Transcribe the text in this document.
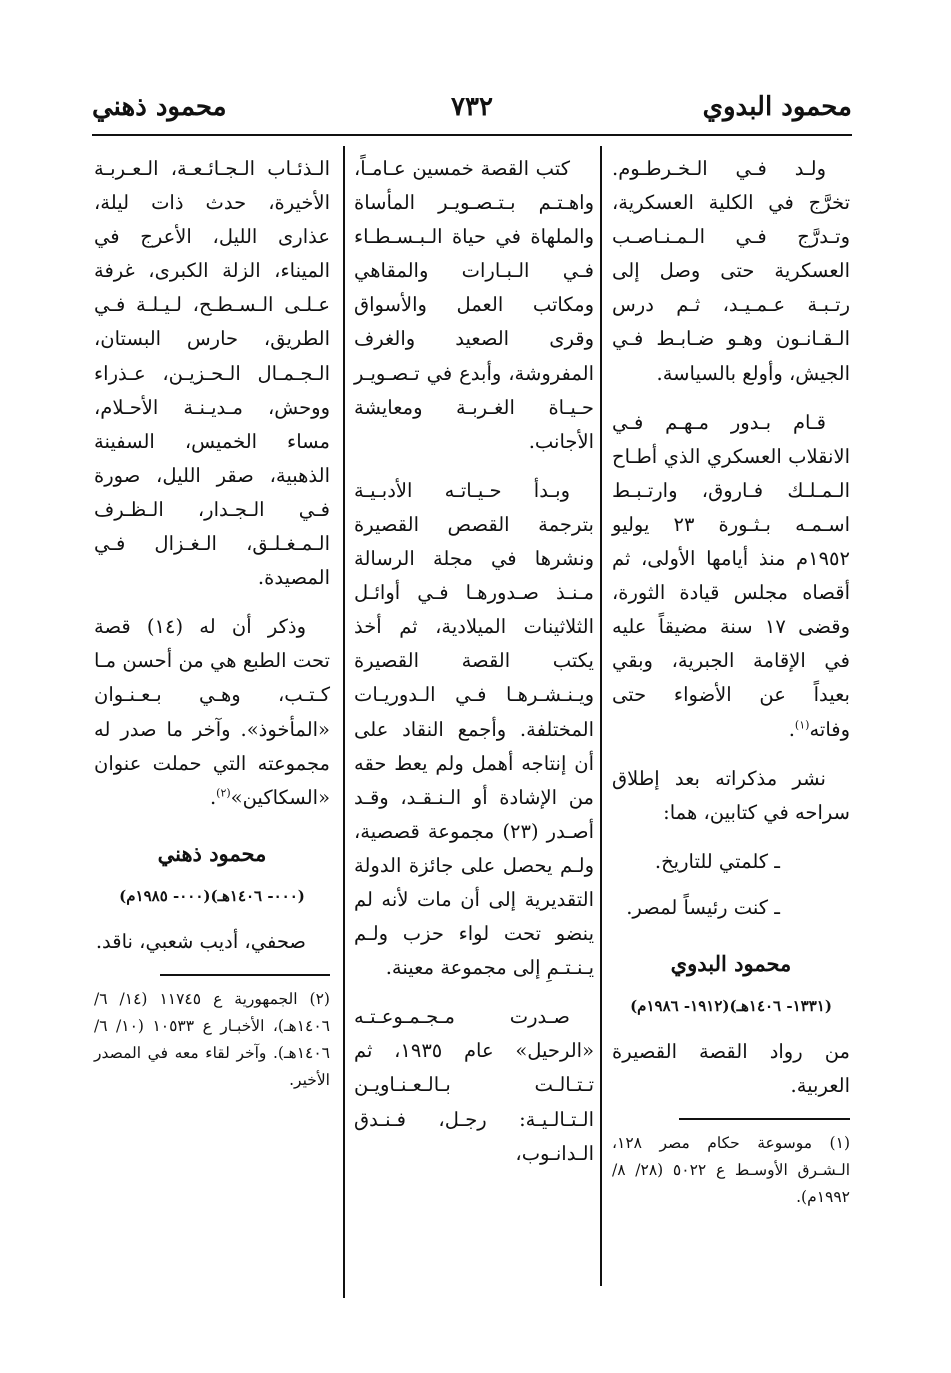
محمود البدوي
٧٣٢
محمود ذهني

ولـد فـي الـخـرطـوم. تخرَّج في الكلية العسكرية، وتـدرَّج فـي الـمـنـاصـب العسكرية حتى وصل إلى رتـبـة عـمـيـد، ثـم درس الـقـانـون وهـو ضـابـط فـي الجيش، وأولع بالسياسة.

قـام بـدور مـهـم فـي الانقلاب العسكري الذي أطـاح الـمـلـك فـاروق، وارتـبـط اسـمـه بـثـورة ٢٣ يوليو ١٩٥٢م منذ أيامها الأولى، ثم أقصاه مجلس قيادة الثورة، وقضى ١٧ سنة مضيقاً عليه في الإقامة الجبرية، وبقي بعيداً عن الأضواء حتى وفاته$^{(١)}$.

نشر مذكراته بعد إطلاق سراحه في كتابين، هما:

ـ كلمتي للتاريخ.

ـ كنت رئيساً لمصر.

محمود البدوي
(١٣٣١- ١٤٠٦هـ)(١٩١٢- ١٩٨٦م)

من رواد القصة القصيرة العربية.

(١) موسوعة حكام مصر ١٢٨، الـشـرق الأوسـط ع ٥٠٢٢ (٢٨/ ٨/ ١٩٩٢م).

كتب القصة خمسين عـامـاً، واهـتـم بـتـصـويـر المأساة والملهاة في حياة الـبـسـطـاء فـي الـبـارات والمقاهي ومكاتب العمل والأسواق وقرى الصعيد والغرف المفروشة، وأبدع في تـصـويـر حـيـاة الغـربـة ومعايشة الأجانب.

وبـدأ حـيـاتـه الأدبـيـة بترجمة القصص القصيرة ونشرها في مجلة الرسالة مـنـذ صـدورهـا فـي أوائـل الثلاثينات الميلادية، ثم أخذ يكتب القصة القصيرة ويـنـشـرهـا فـي الـدوريـات المختلفة. وأجمع النقاد على أن إنتاجه أهمل ولم يعط حقه من الإشادة أو الـنـقـد، وقـد أصـدر (٢٣) مجموعة قصصية، ولـم يحصل على جائزة الدولة التقديرية إلى أن مات لأنه لم ينضو تحت لواء حزب ولـم يـنـتـمِ إلى مجموعة معينة.

صـدرت مـجـمـوعـتـه «الرحيل» عام ١٩٣٥، ثم تـتـالـت بـالـعـنـاويـن الـتـالـيـة: رجـل، فـنـدق الـدانـوب،

الـذئـاب الـجـائـعـة، الـعـربـة الأخيرة، حدث ذات ليلة، عذارى الليل، الأعرج في الميناء، الزلة الكبرى، غرفة عـلـى الـسـطـح، لـيـلـة فـي الطريق، حارس البستان، الـجـمـال الـحـزيـن، عـذراء ووحش، مـديـنـة الأحـلام، مساء الخميس، السفينة الذهبية، صقر الليل، صورة فـي الـجـدار، الـظـرف الـمـغـلـق، الـغـزال فـي المصيدة.

وذكر أن له (١٤) قصة تحت الطبع هي من أحسن مـا كـتـب، وهـي بـعـنـوان «المأخوذ». وآخر ما صدر له مجموعته التي حملت عنوان «السكاكين»$^{(٢)}$.

محمود ذهني
(٠٠٠- ١٤٠٦هـ)(٠٠٠- ١٩٨٥م)

صحفي، أديب شعبي، ناقد.

(٢) الجمهورية ع ١١٧٤٥ (١٤/ ٦/ ١٤٠٦هـ)، الأخبـار ع ١٠٥٣٣ (١٠/ ٦/ ١٤٠٦هـ). وآخر لقاء معه في المصدر الأخير.
